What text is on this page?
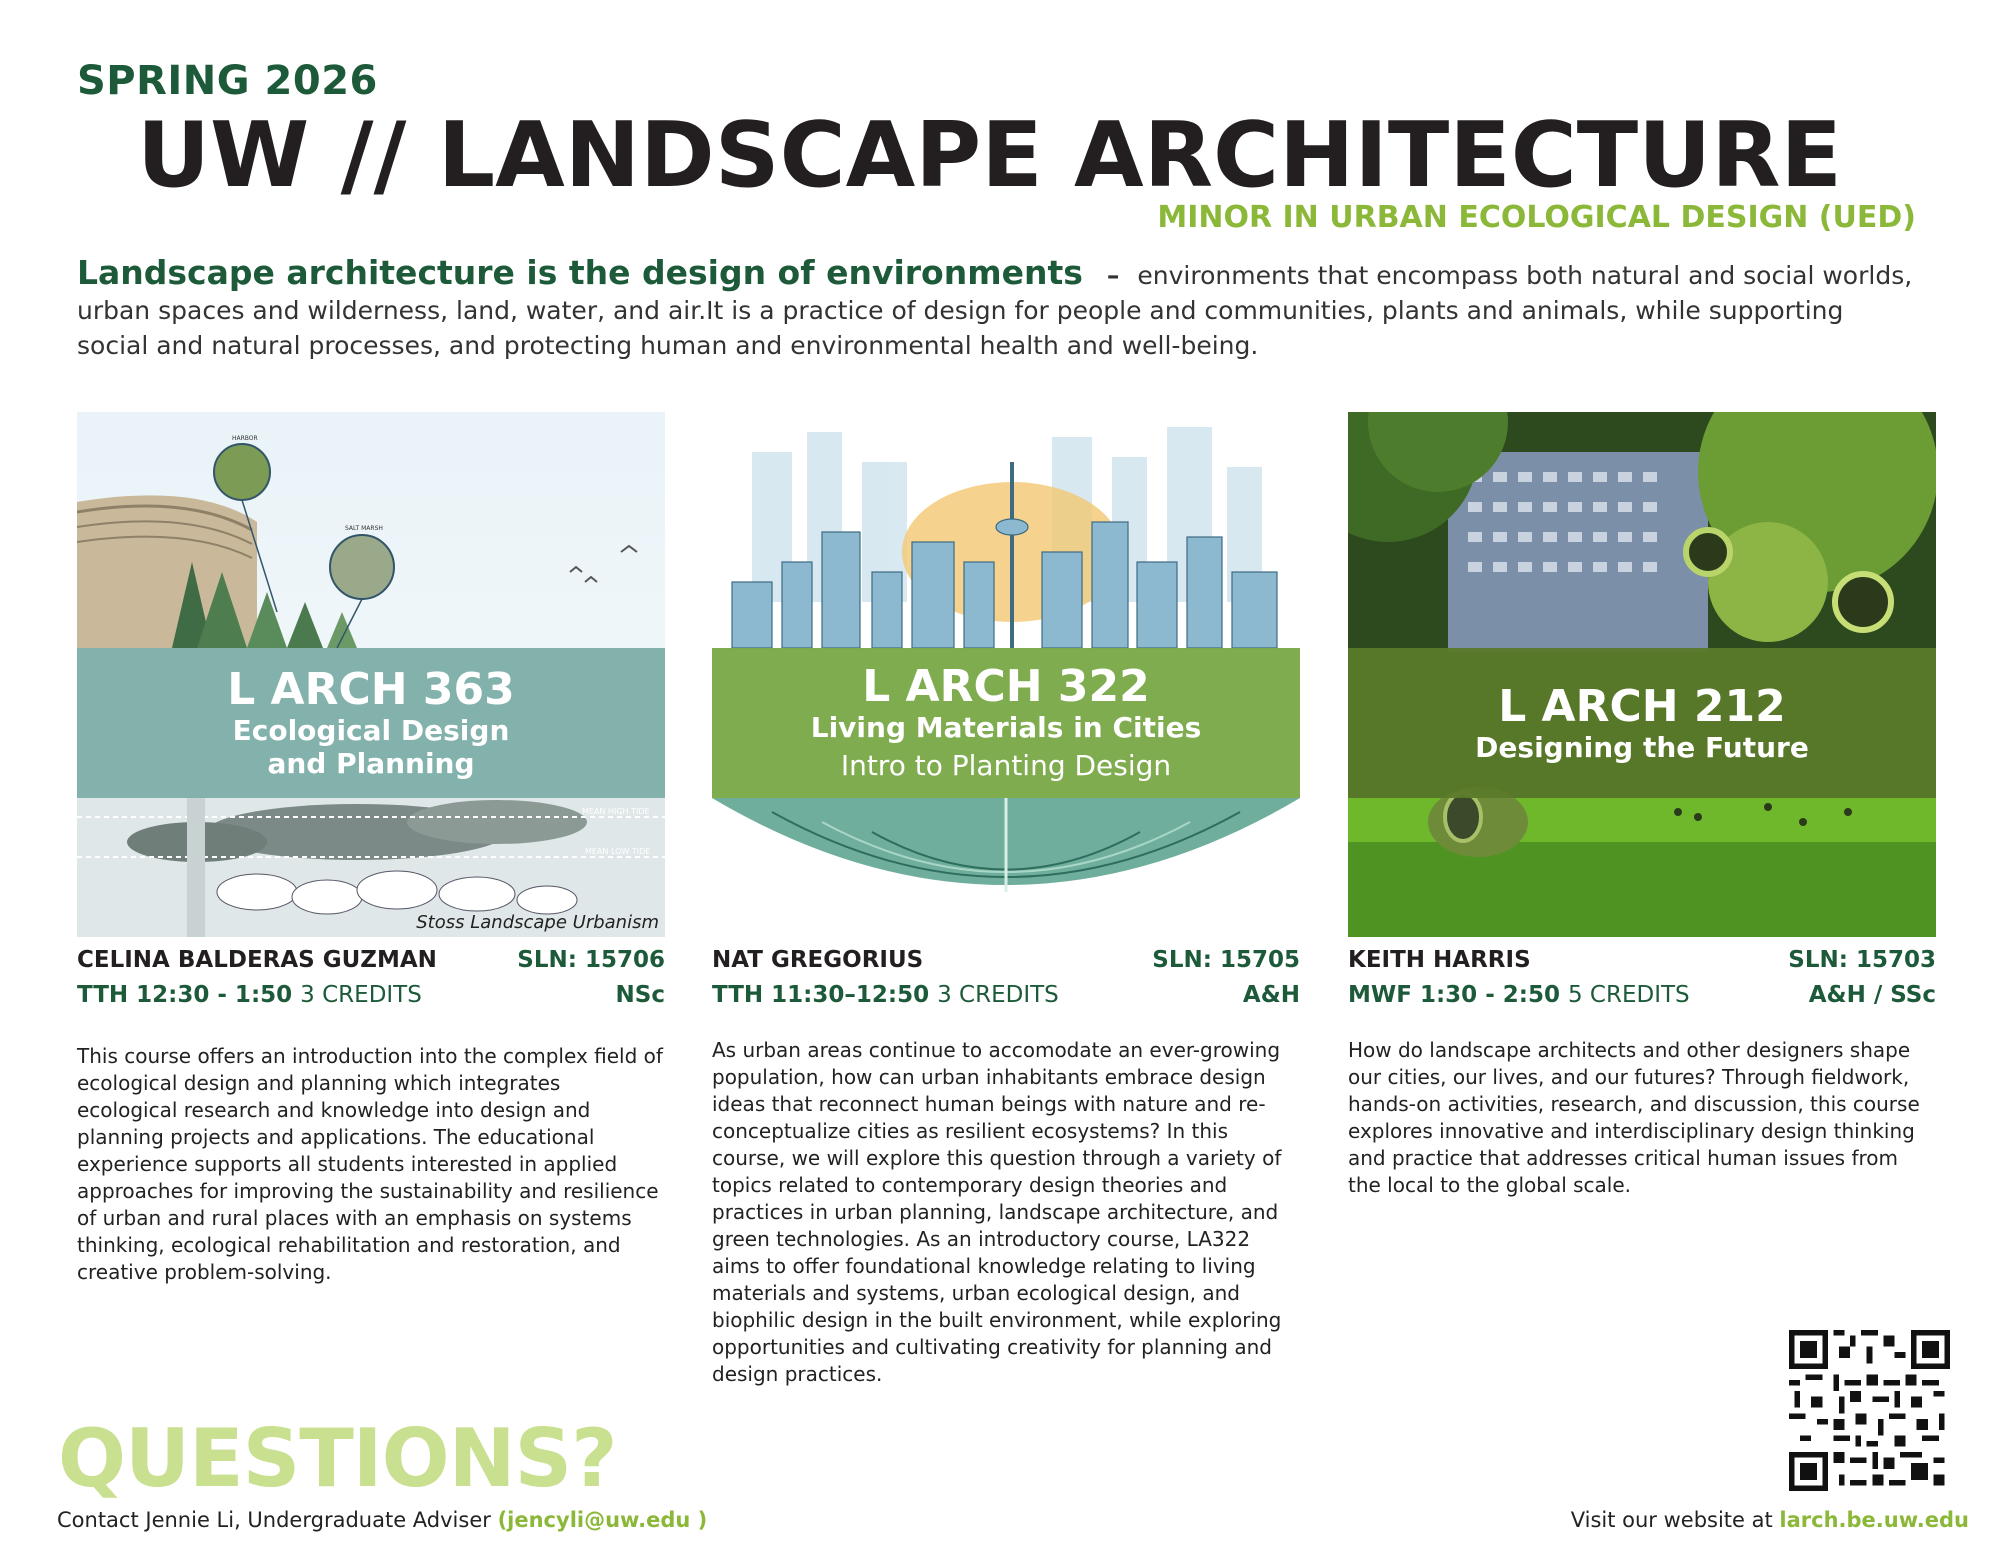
SPRING 2026
UW // LANDSCAPE ARCHITECTURE
MINOR IN URBAN ECOLOGICAL DESIGN (UED)
Landscape architecture is the design of environments – environments that encompass both natural and social worlds, urban spaces and wilderness, land, water, and air.It is a practice of design for people and communities, plants and animals, while supporting social and natural processes, and protecting human and environmental health and well-being.
HARBOR
SALT MARSH
MEAN HIGH TIDE
MEAN LOW TIDE
L ARCH 363
Ecological Design
and Planning
Stoss Landscape Urbanism
CELINA BALDERAS GUZMAN	SLN: 15706
TTH 12:30 - 1:50 3 CREDITS	NSc
This course offers an introduction into the complex field of ecological design and planning which integrates ecological research and knowledge into design and planning projects and applications. The educational experience supports all students interested in applied approaches for improving the sustainability and resilience of urban and rural places with an emphasis on systems thinking, ecological rehabilitation and restoration, and creative problem-solving.
L ARCH 322
Living Materials in Cities
Intro to Planting Design
NAT GREGORIUS	SLN: 15705
TTH 11:30–12:50 3 CREDITS	A&H
As urban areas continue to accomodate an ever-growing population, how can urban inhabitants embrace design ideas that reconnect human beings with nature and re-conceptualize cities as resilient ecosystems? In this course, we will explore this question through a variety of topics related to contemporary design theories and practices in urban planning, landscape architecture, and green technologies. As an introductory course, LA322 aims to offer foundational knowledge relating to living materials and systems, urban ecological design, and biophilic design in the built environment, while exploring opportunities and cultivating creativity for planning and design practices.
L ARCH 212
Designing the Future
KEITH HARRIS	SLN: 15703
MWF 1:30 - 2:50 5 CREDITS	A&H / SSc
How do landscape architects and other designers shape our cities, our lives, and our futures? Through fieldwork, hands-on activities, research, and discussion, this course explores innovative and interdisciplinary design thinking and practice that addresses critical human issues from the local to the global scale.
QUESTIONS?
Contact Jennie Li, Undergraduate Adviser (jencyli@uw.edu )	Visit our website at larch.be.uw.edu
